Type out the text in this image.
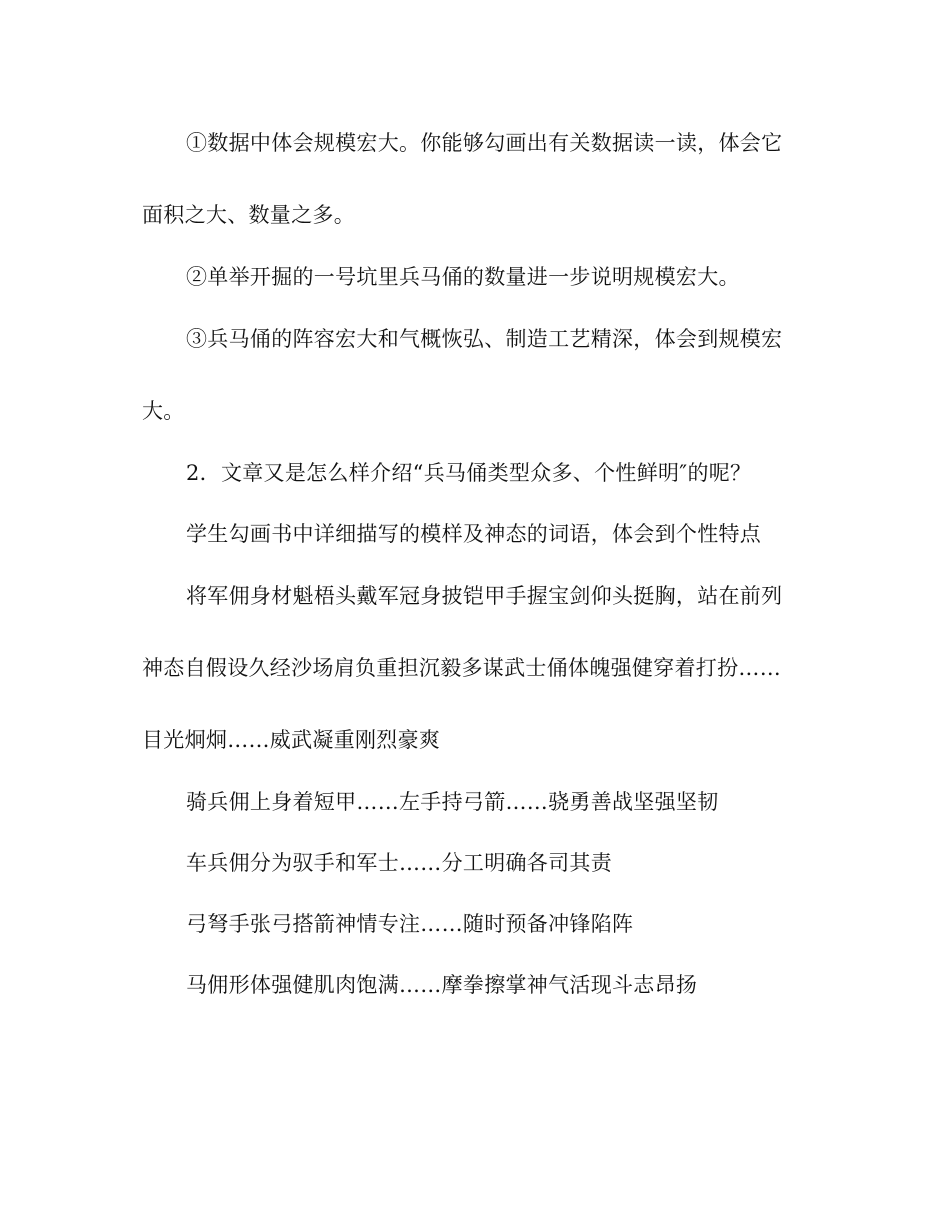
①数据中体会规模宏大。你能够勾画出有关数据读一读，体会它
面积之大、数量之多。
②单举开掘的一号坑里兵马俑的数量进一步说明规模宏大。
③兵马俑的阵容宏大和气概恢弘、制造工艺精深，体会到规模宏
大。
2．文章又是怎么样介绍“兵马俑类型众多、个性鲜明″的呢？
学生勾画书中详细描写的模样及神态的词语，体会到个性特点
将军佣身材魁梧头戴军冠身披铠甲手握宝剑仰头挺胸，站在前列
神态自假设久经沙场肩负重担沉毅多谋武士俑体魄强健穿着打扮……
目光炯炯……威武凝重刚烈豪爽
骑兵佣上身着短甲……左手持弓箭……骁勇善战坚强坚韧
车兵佣分为驭手和军士……分工明确各司其责
弓弩手张弓搭箭神情专注……随时预备冲锋陷阵
马佣形体强健肌肉饱满……摩拳擦掌神气活现斗志昂扬
